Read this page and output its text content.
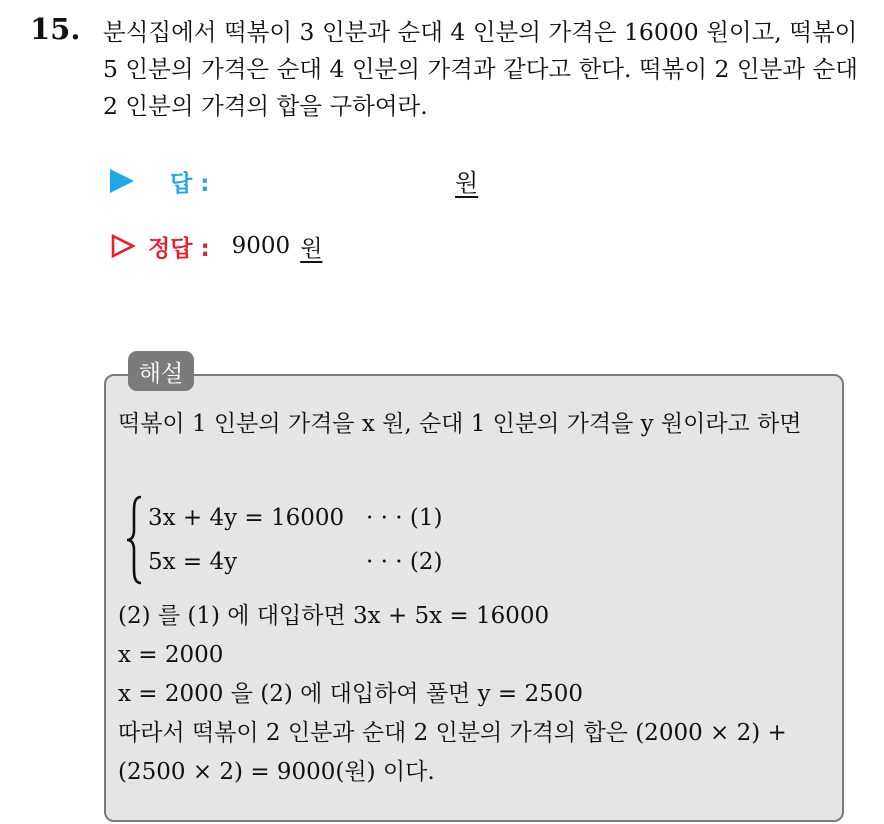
15. 분식집에서 떡볶이 3 인분과 순대 4 인분의 가격은 16000 원이고, 떡볶이 5 인분의 가격은 순대 4 인분의 가격과 같다고 한다. 떡볶이 2 인분과 순대 2 인분의 가격의 합을 구하여라.
답 :	원
정답 : 9000 원
해설
떡볶이 1 인분의 가격을 x 원, 순대 1 인분의 가격을 y 원이라고 하면
3x + 4y = 16000 · · · (1)
5x = 4y	· · · (2)
(2) 를 (1) 에 대입하면 3x + 5x = 16000
x = 2000
x = 2000 을 (2) 에 대입하여 풀면 y = 2500
따라서 떡볶이 2 인분과 순대 2 인분의 가격의 합은 (2000 × 2) + (2500 × 2) = 9000(원) 이다.
